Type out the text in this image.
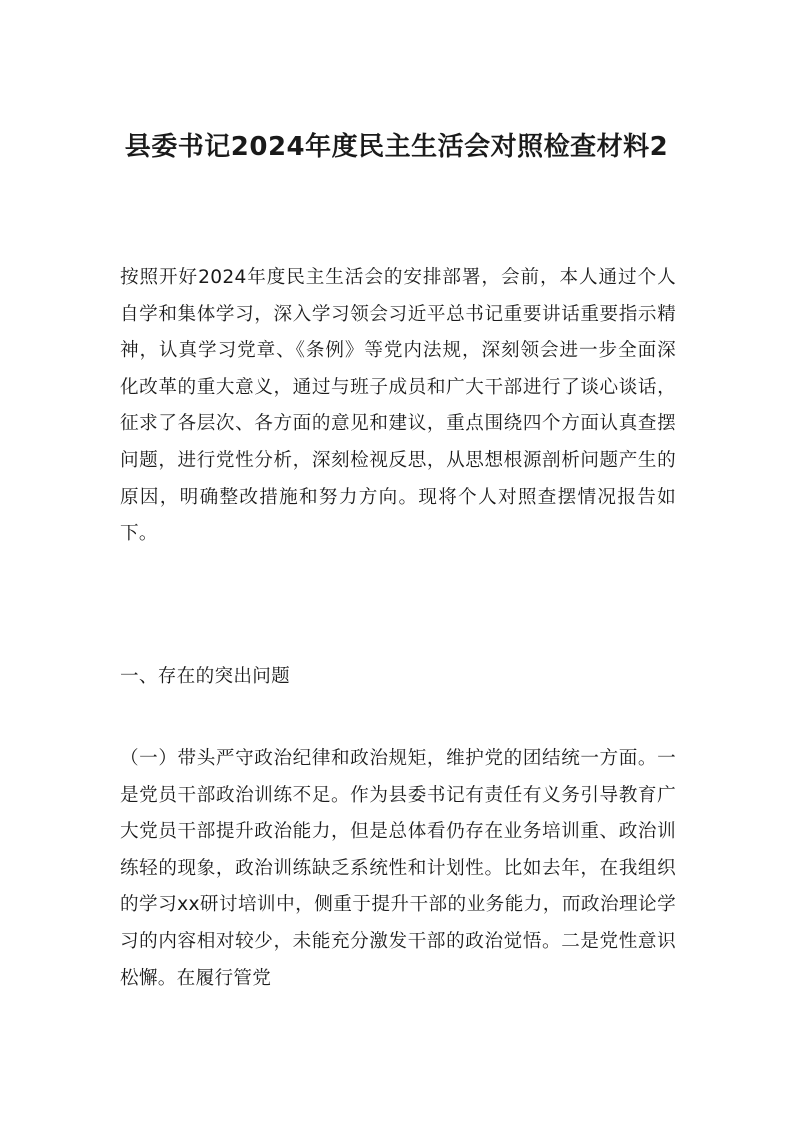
县委书记2024年度民主生活会对照检查材料2

按照开好2024年度民主生活会的安排部署，会前，本人通过个人自学和集体学习，深入学习领会习近平总书记重要讲话重要指示精神，认真学习党章、《条例》等党内法规，深刻领会进一步全面深化改革的重大意义，通过与班子成员和广大干部进行了谈心谈话，征求了各层次、各方面的意见和建议，重点围绕四个方面认真查摆问题，进行党性分析，深刻检视反思，从思想根源剖析问题产生的原因，明确整改措施和努力方向。现将个人对照查摆情况报告如下。

一、存在的突出问题

（一）带头严守政治纪律和政治规矩，维护党的团结统一方面。一是党员干部政治训练不足。作为县委书记有责任有义务引导教育广大党员干部提升政治能力，但是总体看仍存在业务培训重、政治训练轻的现象，政治训练缺乏系统性和计划性。比如去年，在我组织的学习xx研讨培训中，侧重于提升干部的业务能力，而政治理论学习的内容相对较少，未能充分激发干部的政治觉悟。二是党性意识松懈。在履行管党
